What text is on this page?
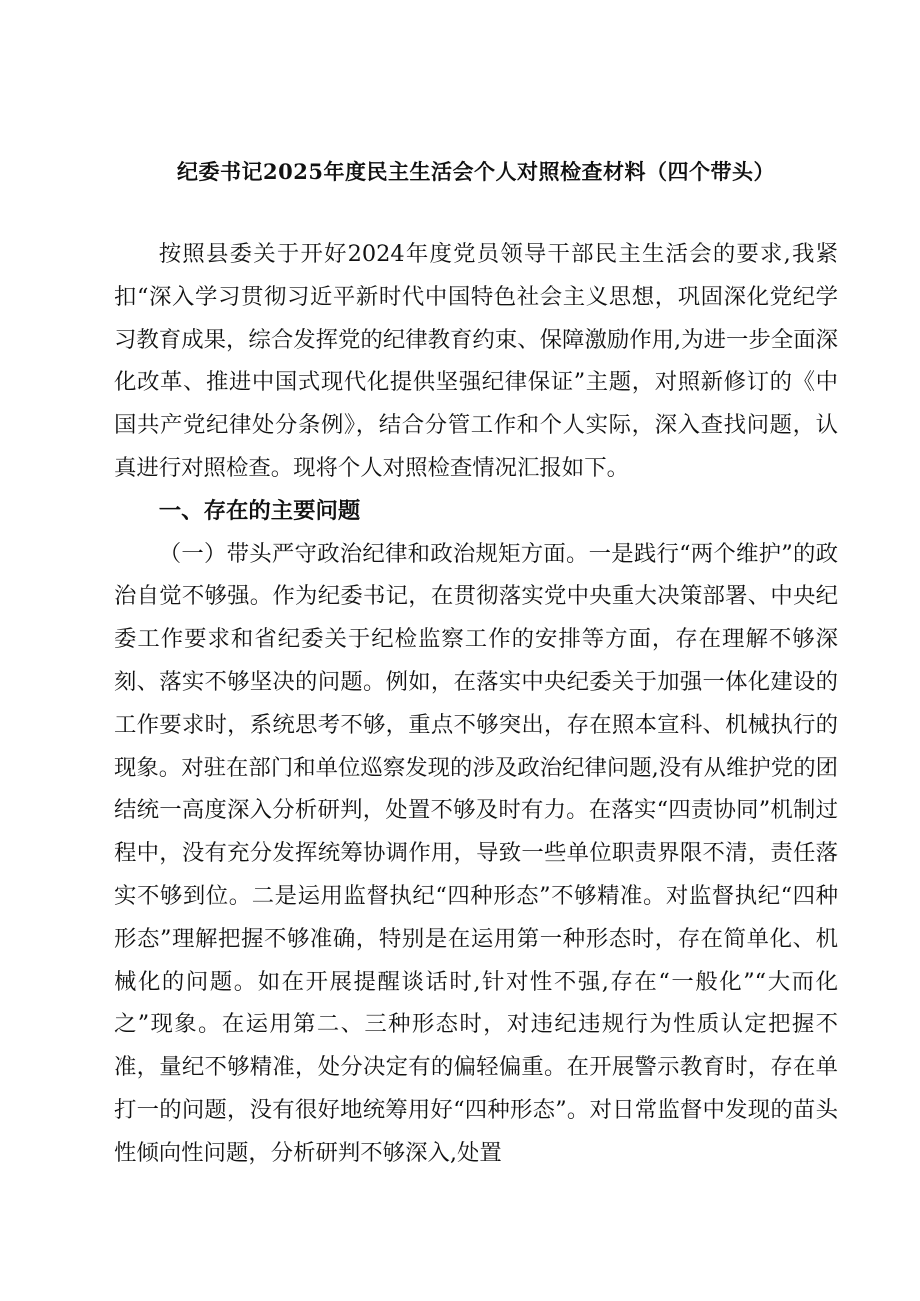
纪委书记2025年度民主生活会个人对照检查材料（四个带头）

按照县委关于开好2024年度党员领导干部民主生活会的要求,我紧扣“深入学习贯彻习近平新时代中国特色社会主义思想，巩固深化党纪学习教育成果，综合发挥党的纪律教育约束、保障激励作用,为进一步全面深化改革、推进中国式现代化提供坚强纪律保证”主题，对照新修订的《中国共产党纪律处分条例》，结合分管工作和个人实际，深入查找问题，认真进行对照检查。现将个人对照检查情况汇报如下。

一、存在的主要问题

（一）带头严守政治纪律和政治规矩方面。一是践行“两个维护”的政治自觉不够强。作为纪委书记，在贯彻落实党中央重大决策部署、中央纪委工作要求和省纪委关于纪检监察工作的安排等方面，存在理解不够深刻、落实不够坚决的问题。例如，在落实中央纪委关于加强一体化建设的工作要求时，系统思考不够，重点不够突出，存在照本宣科、机械执行的现象。对驻在部门和单位巡察发现的涉及政治纪律问题,没有从维护党的团结统一高度深入分析研判，处置不够及时有力。在落实“四责协同”机制过程中，没有充分发挥统筹协调作用，导致一些单位职责界限不清，责任落实不够到位。二是运用监督执纪“四种形态”不够精准。对监督执纪“四种形态”理解把握不够准确，特别是在运用第一种形态时，存在简单化、机械化的问题。如在开展提醒谈话时,针对性不强,存在“一般化”“大而化之”现象。在运用第二、三种形态时，对违纪违规行为性质认定把握不准，量纪不够精准，处分决定有的偏轻偏重。在开展警示教育时，存在单打一的问题，没有很好地统筹用好“四种形态”。对日常监督中发现的苗头性倾向性问题，分析研判不够深入,处置
